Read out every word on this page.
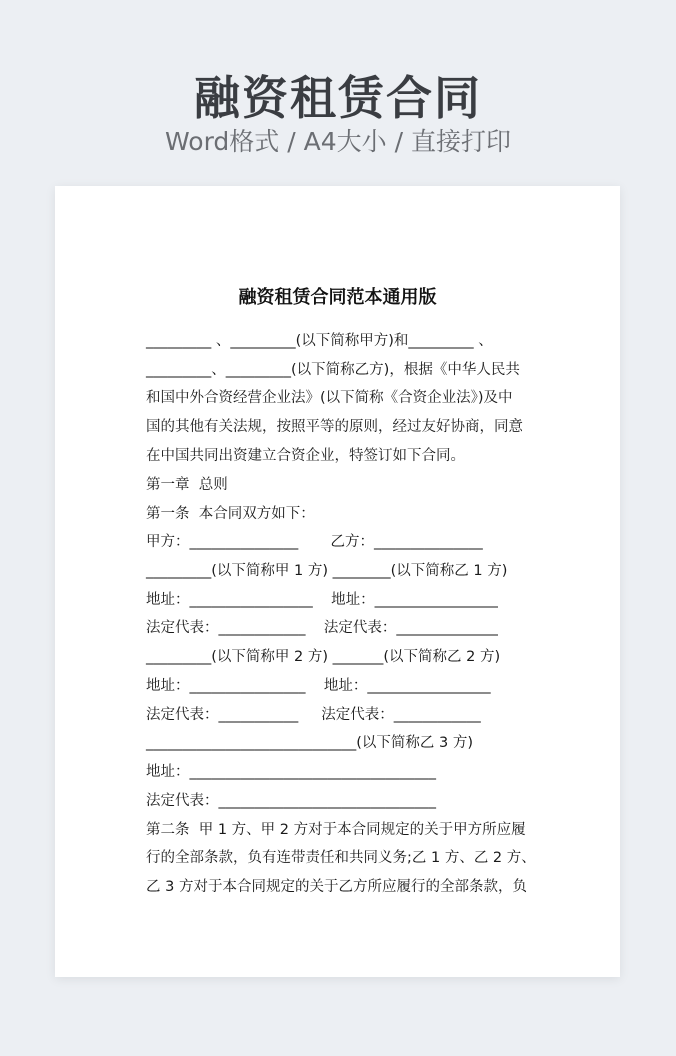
融资租赁合同
Word格式 / A4大小 / 直接打印
融资租赁合同范本通用版
_________ 、_________(以下简称甲方)和_________ 、
_________、_________(以下简称乙方)，根据《中华人民共
和国中外合资经营企业法》(以下简称《合资企业法》)及中
国的其他有关法规，按照平等的原则，经过友好协商，同意
在中国共同出资建立合资企业，特签订如下合同。
第一章  总则
第一条  本合同双方如下：
甲方：_______________       乙方：_______________
_________(以下简称甲 1 方) ________(以下简称乙 1 方)
地址：_________________    地址：_________________
法定代表：____________    法定代表：______________
_________(以下简称甲 2 方) _______(以下简称乙 2 方)
地址：________________    地址：_________________
法定代表：___________     法定代表：____________
_____________________________(以下简称乙 3 方)
地址：__________________________________
法定代表：______________________________
第二条  甲 1 方、甲 2 方对于本合同规定的关于甲方所应履
行的全部条款，负有连带责任和共同义务;乙 1 方、乙 2 方、
乙 3 方对于本合同规定的关于乙方所应履行的全部条款，负
